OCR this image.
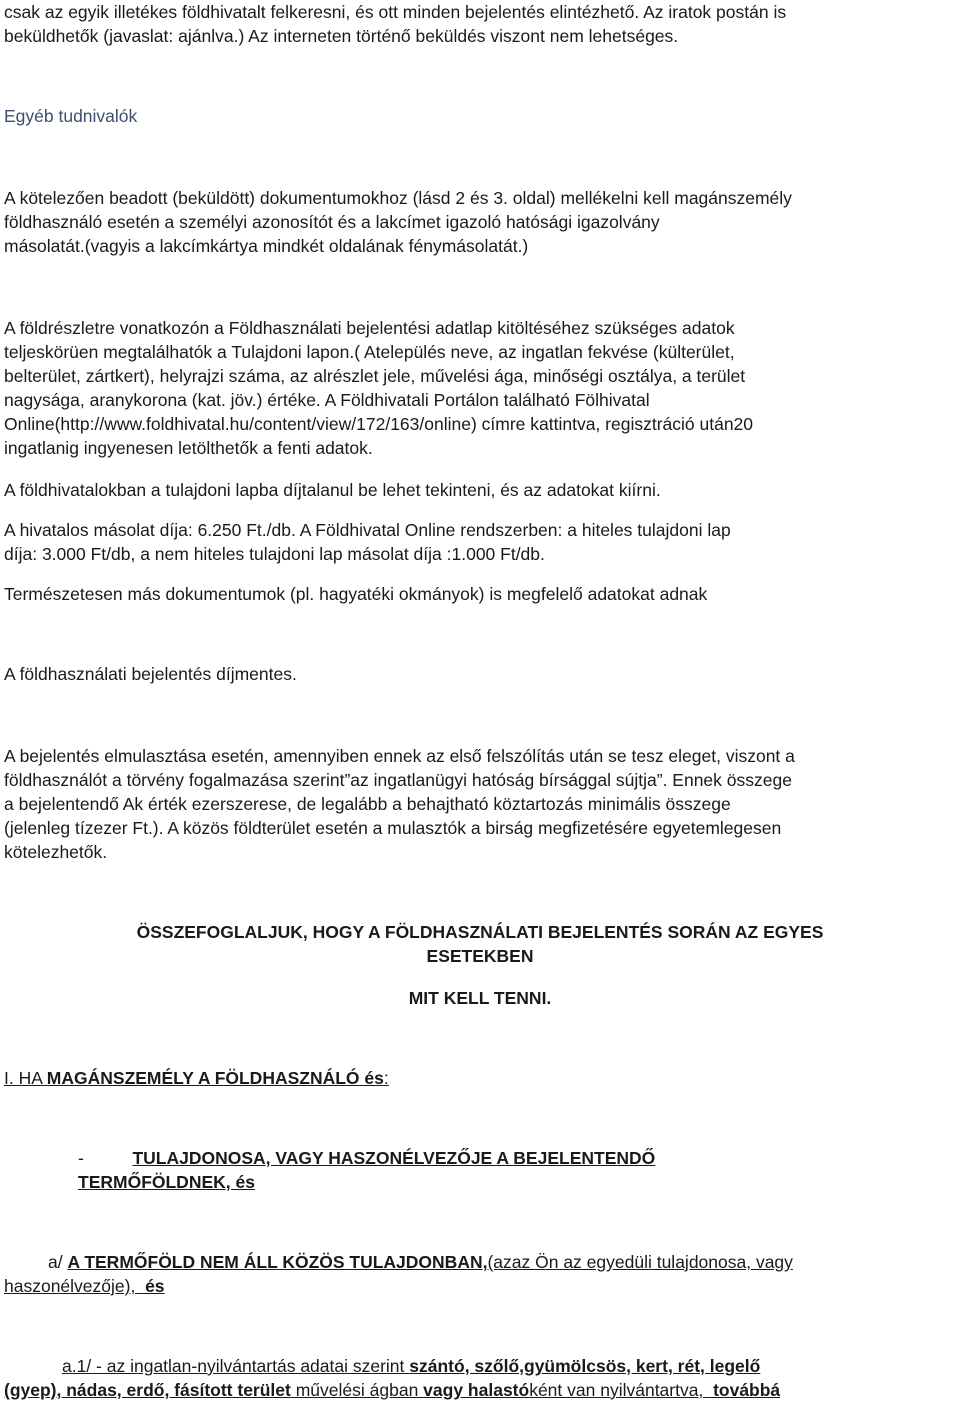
csak az egyik illetékes földhivatalt felkeresni, és ott minden bejelentés elintézhető. Az iratok postán is
beküldhetők (javaslat: ajánlva.) Az interneten történő beküldés viszont nem lehetséges.
Egyéb tudnivalók
A kötelezően beadott (beküldött) dokumentumokhoz (lásd 2 és 3. oldal) mellékelni kell magánszemély
földhasználó esetén a személyi azonosítót és a lakcímet igazoló hatósági igazolvány
másolatát.(vagyis a lakcímkártya mindkét oldalának fénymásolatát.)
A földrészletre vonatkozón a Földhasználati bejelentési adatlap kitöltéséhez szükséges adatok
teljeskörüen megtalálhatók a Tulajdoni lapon.( Atelepülés neve, az ingatlan fekvése (külterület,
belterület, zártkert), helyrajzi száma, az alrészlet jele, művelési ága, minőségi osztálya, a terület
nagysága, aranykorona (kat. jöv.) értéke. A Földhivatali Portálon található Fölhivatal
Online(http://www.foldhivatal.hu/content/view/172/163/online) címre kattintva, regisztráció után20
ingatlanig ingyenesen letölthetők a fenti adatok.
A földhivatalokban a tulajdoni lapba díjtalanul be lehet tekinteni, és az adatokat kiírni.
A hivatalos másolat díja: 6.250 Ft./db. A Földhivatal Online rendszerben: a hiteles tulajdoni lap
díja: 3.000 Ft/db, a nem hiteles tulajdoni lap másolat díja :1.000 Ft/db.
Természetesen más dokumentumok (pl. hagyatéki okmányok) is megfelelő adatokat adnak
A földhasználati bejelentés díjmentes.
A bejelentés elmulasztása esetén, amennyiben ennek az első felszólítás után se tesz eleget, viszont a
földhasználót a törvény fogalmazása szerint”az ingatlanügyi hatóság bírsággal sújtja”. Ennek összege
a bejelentendő Ak érték ezerszerese, de legalább a behajtható köztartozás minimális összege
(jelenleg tízezer Ft.). A közös földterület esetén a mulasztók a birság megfizetésére egyetemlegesen
kötelezhetők.
ÖSSZEFOGLALJUK, HOGY A FÖLDHASZNÁLATI BEJELENTÉS SORÁN AZ EGYES
ESETEKBEN
MIT KELL TENNI.
I. HA MAGÁNSZEMÉLY A FÖLDHASZNÁLÓ és:
-          TULAJDONOSA, VAGY HASZONÉLVEZŐJE A BEJELENTENDŐ
TERMŐFÖLDNEK, és
a/ A TERMŐFÖLD NEM ÁLL KÖZÖS TULAJDONBAN,(azaz Ön az egyedüli tulajdonosa, vagy
haszonélvezője),  és
a.1/ - az ingatlan-nyilvántartás adatai szerint szántó, szőlő,gyümölcsös, kert, rét, legelő
(gyep), nádas, erdő, fásított terület művelési ágban vagy halastóként van nyilvántartva,  továbbá
